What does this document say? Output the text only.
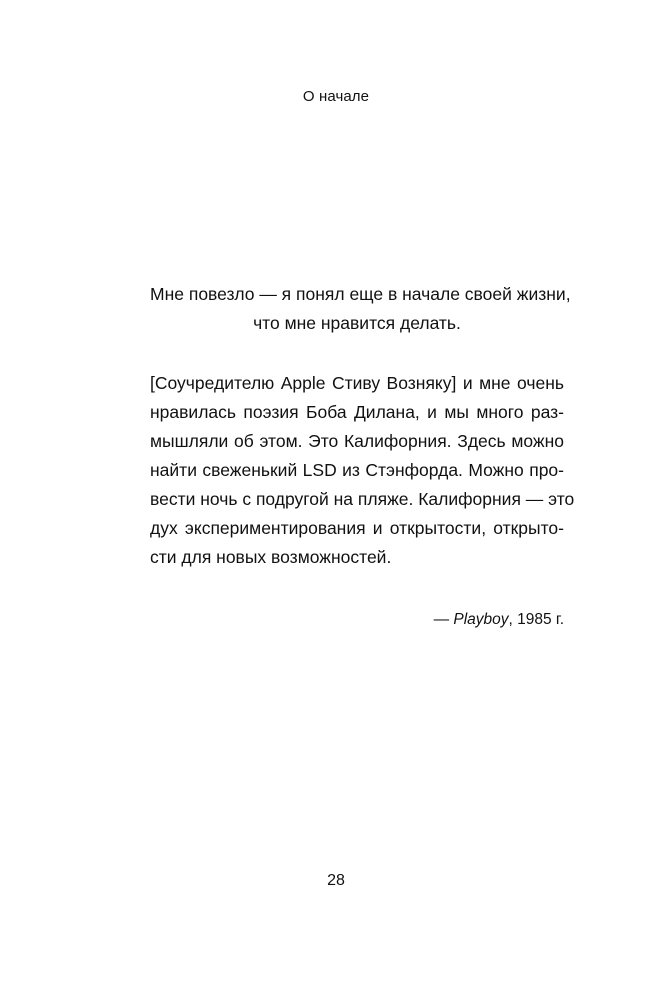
О начале
Мне повезло — я понял еще в начале своей жизни,
что мне нравится делать.
[Соучредителю Apple Стиву Возняку] и мне очень
нравилась поэзия Боба Дилана, и мы много раз-
мышляли об этом. Это Калифорния. Здесь можно
найти свеженький LSD из Стэнфорда. Можно про-
вести ночь с подругой на пляже. Калифорния — это
дух экспериментирования и открытости, открыто-
сти для новых возможностей.
— Playboy, 1985 г.
28
